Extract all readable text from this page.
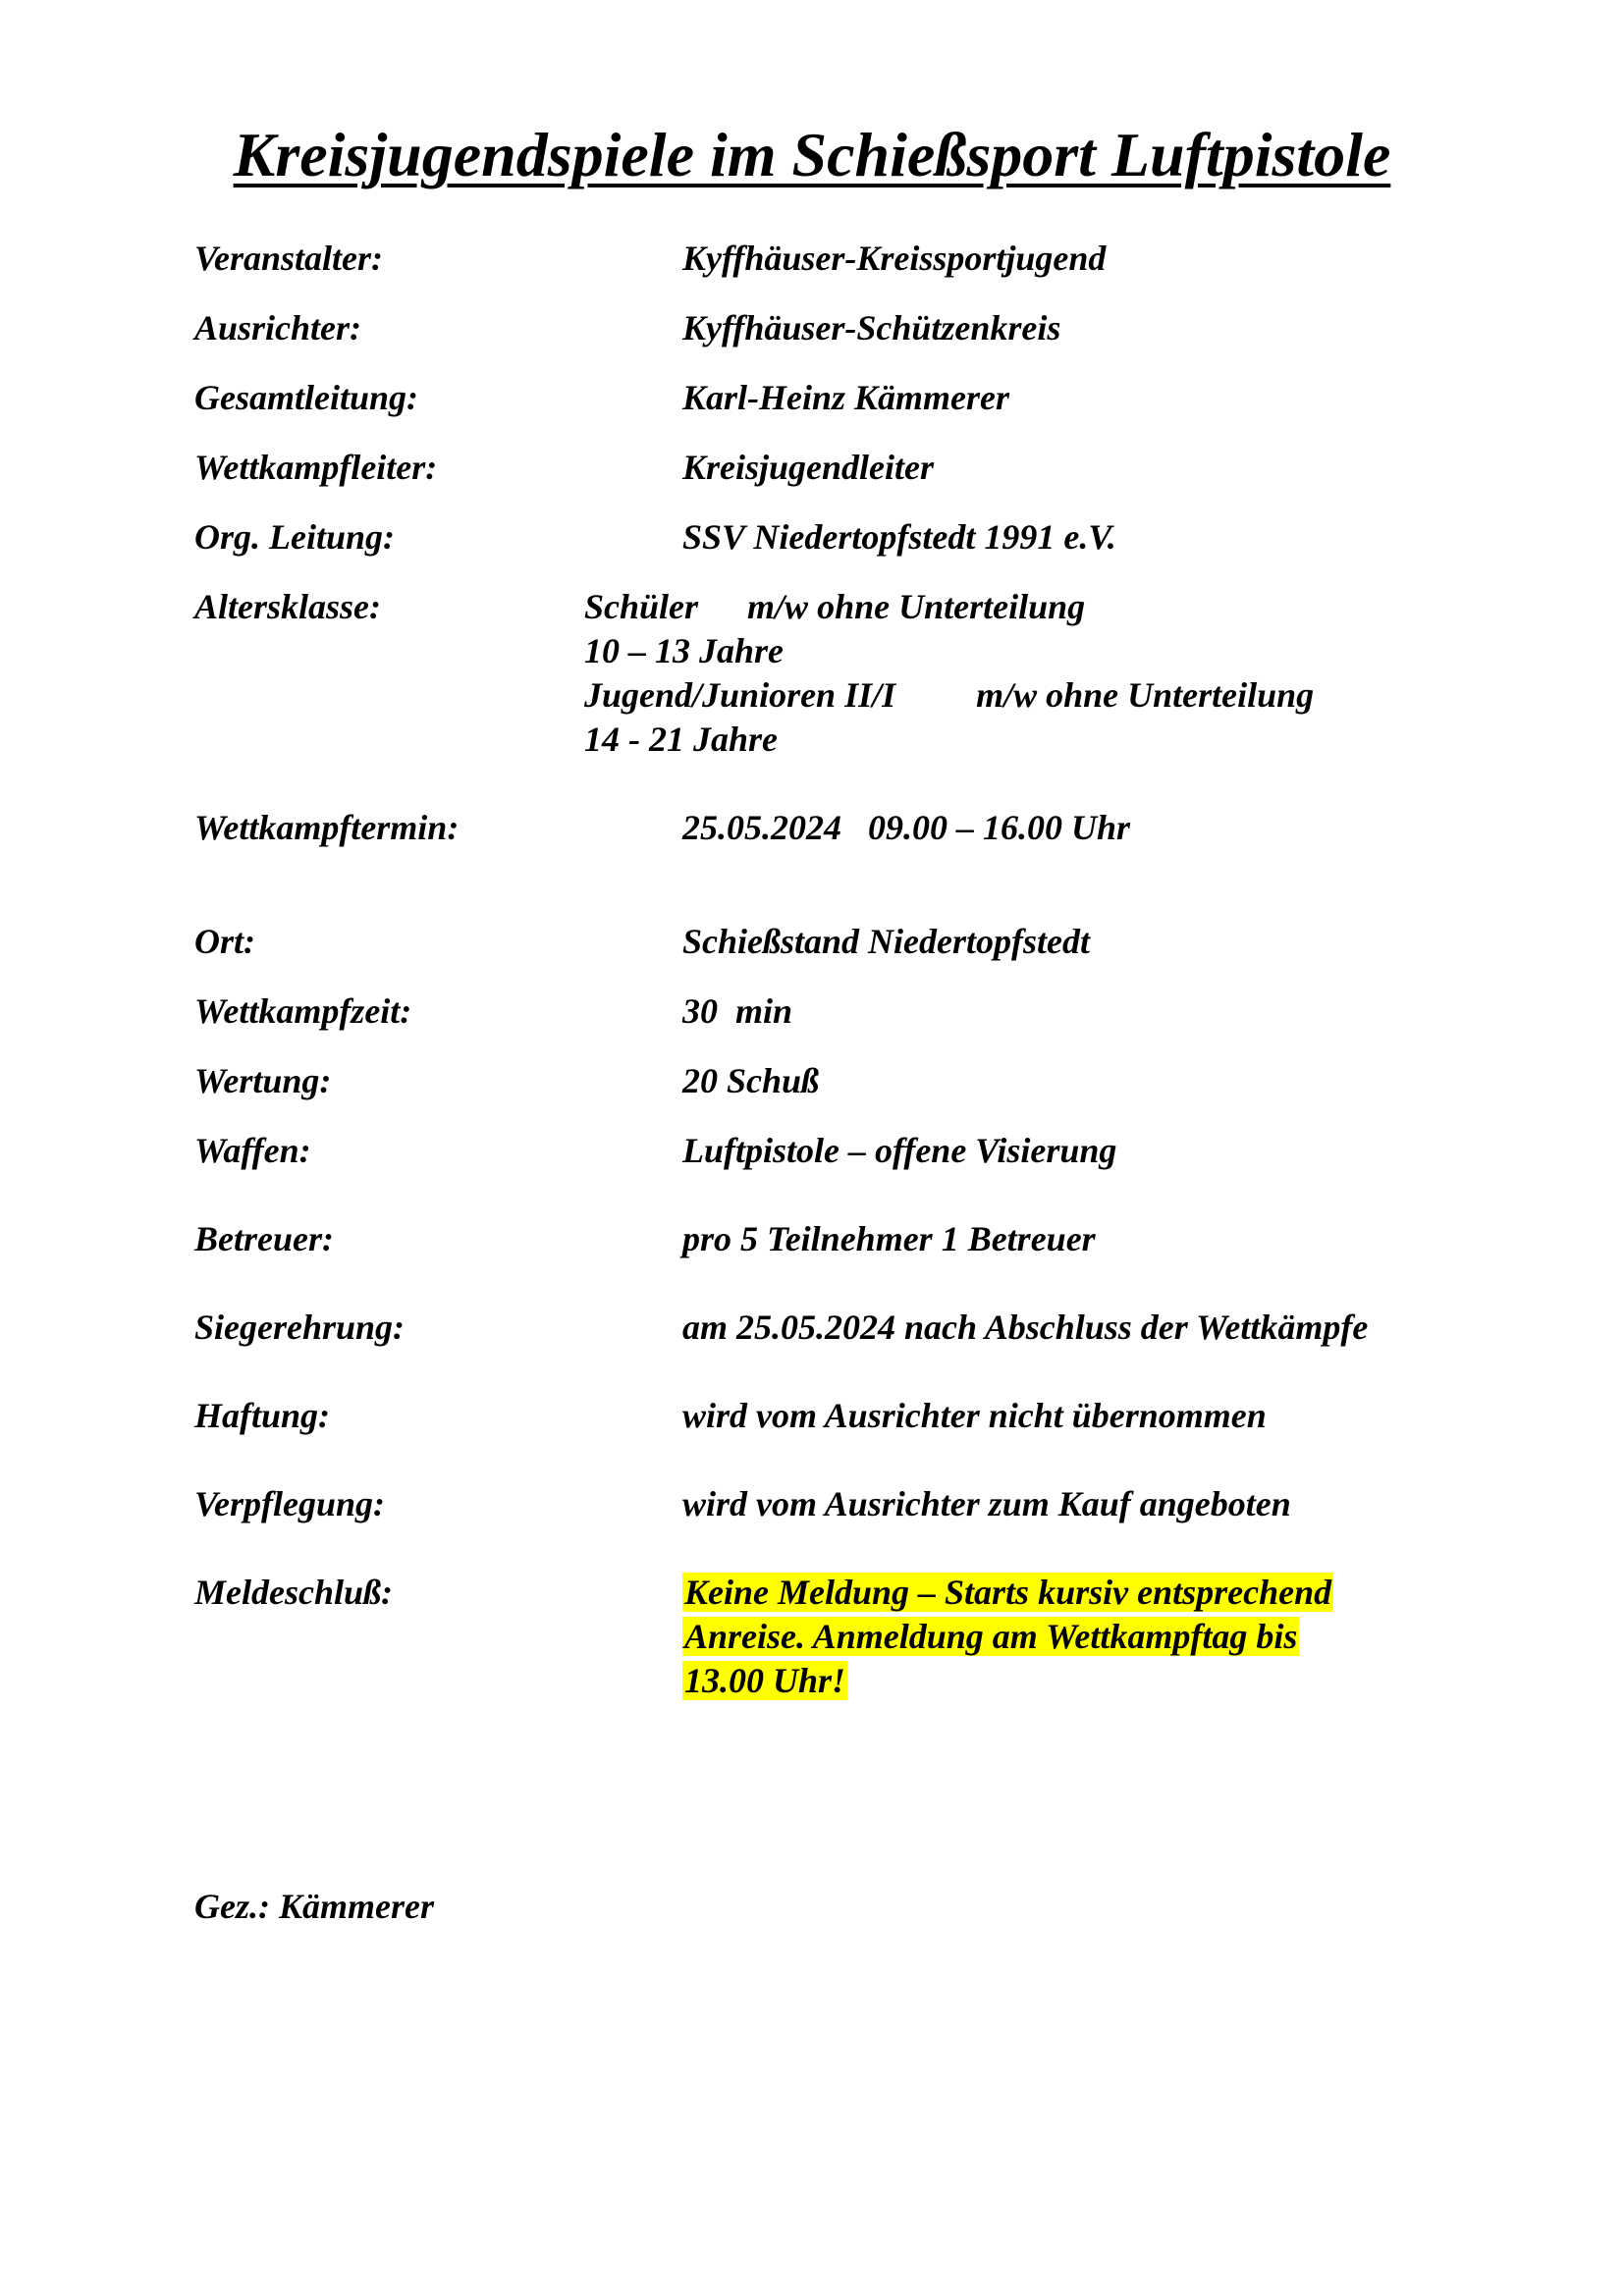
Kreisjugendspiele im Schießsport Luftpistole
Veranstalter:	Kyffhäuser-Kreissportjugend
Ausrichter:	Kyffhäuser-Schützenkreis
Gesamtleitung:	Karl-Heinz Kämmerer
Wettkampfleiter:	Kreisjugendleiter
Org. Leitung:	SSV Niedertopfstedt 1991 e.V.
Altersklasse:	Schüler m/w ohne Unterteilung
10 – 13 Jahre
Jugend/Junioren II/I m/w ohne Unterteilung
14 - 21 Jahre
Wettkampftermin:	25.05.2024 09.00 – 16.00 Uhr
Ort:	Schießstand Niedertopfstedt
Wettkampfzeit:	30  min
Wertung:	20 Schuß
Waffen:	Luftpistole – offene Visierung
Betreuer:	pro 5 Teilnehmer 1 Betreuer
Siegerehrung:	am 25.05.2024 nach Abschluss der Wettkämpfe
Haftung:	wird vom Ausrichter nicht übernommen
Verpflegung:	wird vom Ausrichter zum Kauf angeboten
Meldeschluß:	Keine Meldung – Starts kursiv entsprechend
Anreise. Anmeldung am Wettkampftag bis
13.00 Uhr!
Gez.: Kämmerer
